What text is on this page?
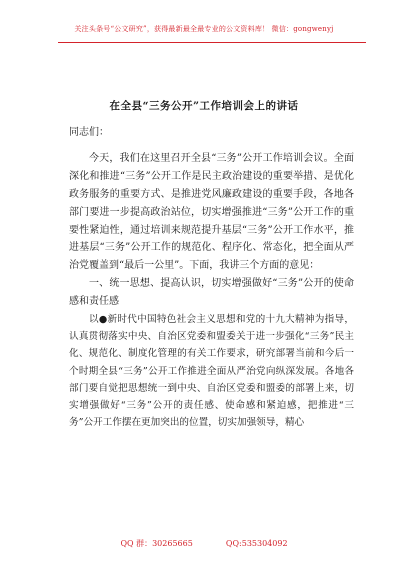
关注头条号“公文研究”，获得最新最全最专业的公文资料库！ 微信：gongwenyj
在全县“三务公开”工作培训会上的讲话

同志们：

今天，我们在这里召开全县“三务”公开工作培训会议。全面深化和推进“三务”公开工作是民主政治建设的重要举措、是优化政务服务的重要方式、是推进党风廉政建设的重要手段，各地各部门要进一步提高政治站位，切实增强推进“三务”公开工作的重要性紧迫性，通过培训来规范提升基层“三务”公开工作水平，推进基层“三务”公开工作的规范化、程序化、常态化，把全面从严治党覆盖到“最后一公里”。下面，我讲三个方面的意见：

一、统一思想、提高认识，切实增强做好“三务”公开的使命感和责任感

以●新时代中国特色社会主义思想和党的十九大精神为指导，认真贯彻落实中央、自治区党委和盟委关于进一步强化“三务”民主化、规范化、制度化管理的有关工作要求，研究部署当前和今后一个时期全县“三务”公开工作推进全面从严治党向纵深发展。各地各部门要自觉把思想统一到中央、自治区党委和盟委的部署上来，切实增强做好“三务”公开的责任感、使命感和紧迫感，把推进“三务”公开工作摆在更加突出的位置，切实加强领导，精心

QQ 群：30265665	QQ:535304092
